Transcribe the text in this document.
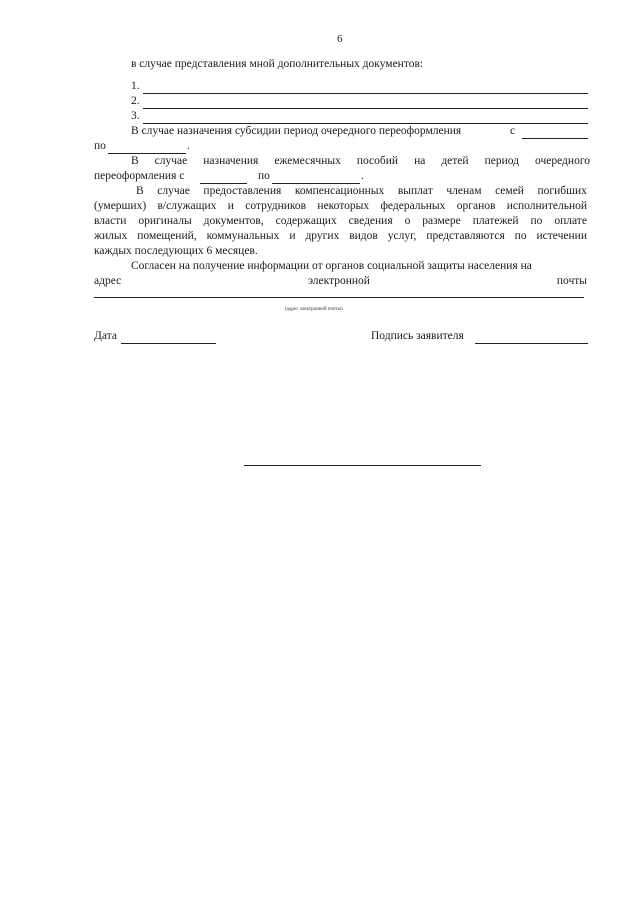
6
в случае представления мной дополнительных документов:
1.
2.
3.
В случае назначения субсидии период очередного переоформления	с
по	.
В случае назначения ежемесячных пособий на детей период очередного
переоформления с	по	.
В случае предоставления компенсационных выплат членам семей погибших
(умерших) в/служащих и сотрудников некоторых федеральных органов исполнительной
власти оригиналы документов, содержащих сведения о размере платежей по оплате
жилых помещений, коммунальных и других видов услуг, представляются по истечении
каждых последующих 6 месяцев.
Согласен на получение информации от органов социальной защиты населения на
адрес	электронной	почты
(адрес электронной почты)
Дата	Подпись заявителя
